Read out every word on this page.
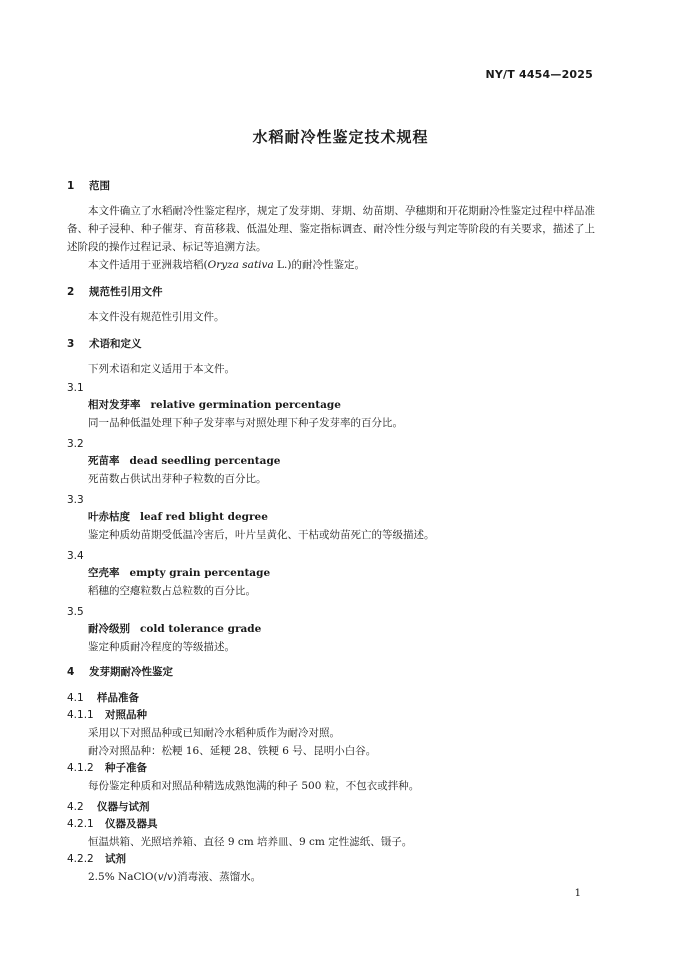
NY/T 4454—2025
水稻耐冷性鉴定技术规程
1 范围

本文件确立了水稻耐冷性鉴定程序，规定了发芽期、芽期、幼苗期、孕穗期和开花期耐冷性鉴定过程中样品准备、种子浸种、种子催芽、育苗移栽、低温处理、鉴定指标调查、耐冷性分级与判定等阶段的有关要求，描述了上述阶段的操作过程记录、标记等追溯方法。

本文件适用于亚洲栽培稻(Oryza sativa L.)的耐冷性鉴定。

2 规范性引用文件

本文件没有规范性引用文件。

3 术语和定义

下列术语和定义适用于本文件。

3.1

相对发芽率 relative germination percentage

同一品种低温处理下种子发芽率与对照处理下种子发芽率的百分比。

3.2

死苗率 dead seedling percentage

死苗数占供试出芽种子粒数的百分比。

3.3

叶赤枯度 leaf red blight degree

鉴定种质幼苗期受低温冷害后，叶片呈黄化、干枯或幼苗死亡的等级描述。

3.4

空壳率 empty grain percentage

稻穗的空瘪粒数占总粒数的百分比。

3.5

耐冷级别 cold tolerance grade

鉴定种质耐冷程度的等级描述。

4 发芽期耐冷性鉴定

4.1 样品准备

4.1.1 对照品种

采用以下对照品种或已知耐冷水稻种质作为耐冷对照。

耐冷对照品种：松粳 16、延粳 28、铁粳 6 号、昆明小白谷。

4.1.2 种子准备

每份鉴定种质和对照品种精选成熟饱满的种子 500 粒，不包衣或拌种。

4.2 仪器与试剂

4.2.1 仪器及器具

恒温烘箱、光照培养箱、直径 9 cm 培养皿、9 cm 定性滤纸、镊子。

4.2.2 试剂

2.5% NaClO(v/v)消毒液、蒸馏水。

1
